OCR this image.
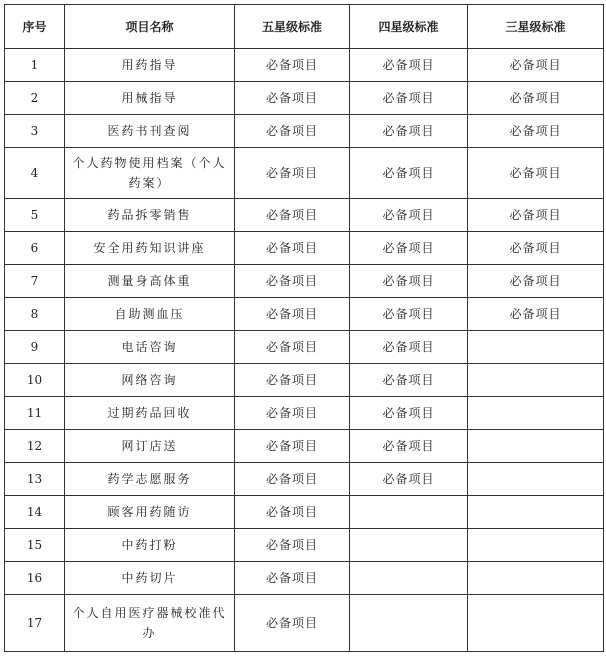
序号	项目名称	五星级标准	四星级标准	三星级标准
1	用药指导	必备项目	必备项目	必备项目
2	用械指导	必备项目	必备项目	必备项目
3	医药书刊查阅	必备项目	必备项目	必备项目
4	个人药物使用档案（个人药案）	必备项目	必备项目	必备项目
5	药品拆零销售	必备项目	必备项目	必备项目
6	安全用药知识讲座	必备项目	必备项目	必备项目
7	测量身高体重	必备项目	必备项目	必备项目
8	自助测血压	必备项目	必备项目	必备项目
9	电话咨询	必备项目	必备项目	
10	网络咨询	必备项目	必备项目	
11	过期药品回收	必备项目	必备项目	
12	网订店送	必备项目	必备项目	
13	药学志愿服务	必备项目	必备项目	
14	顾客用药随访	必备项目		
15	中药打粉	必备项目		
16	中药切片	必备项目		
17	个人自用医疗器械校准代办	必备项目		
